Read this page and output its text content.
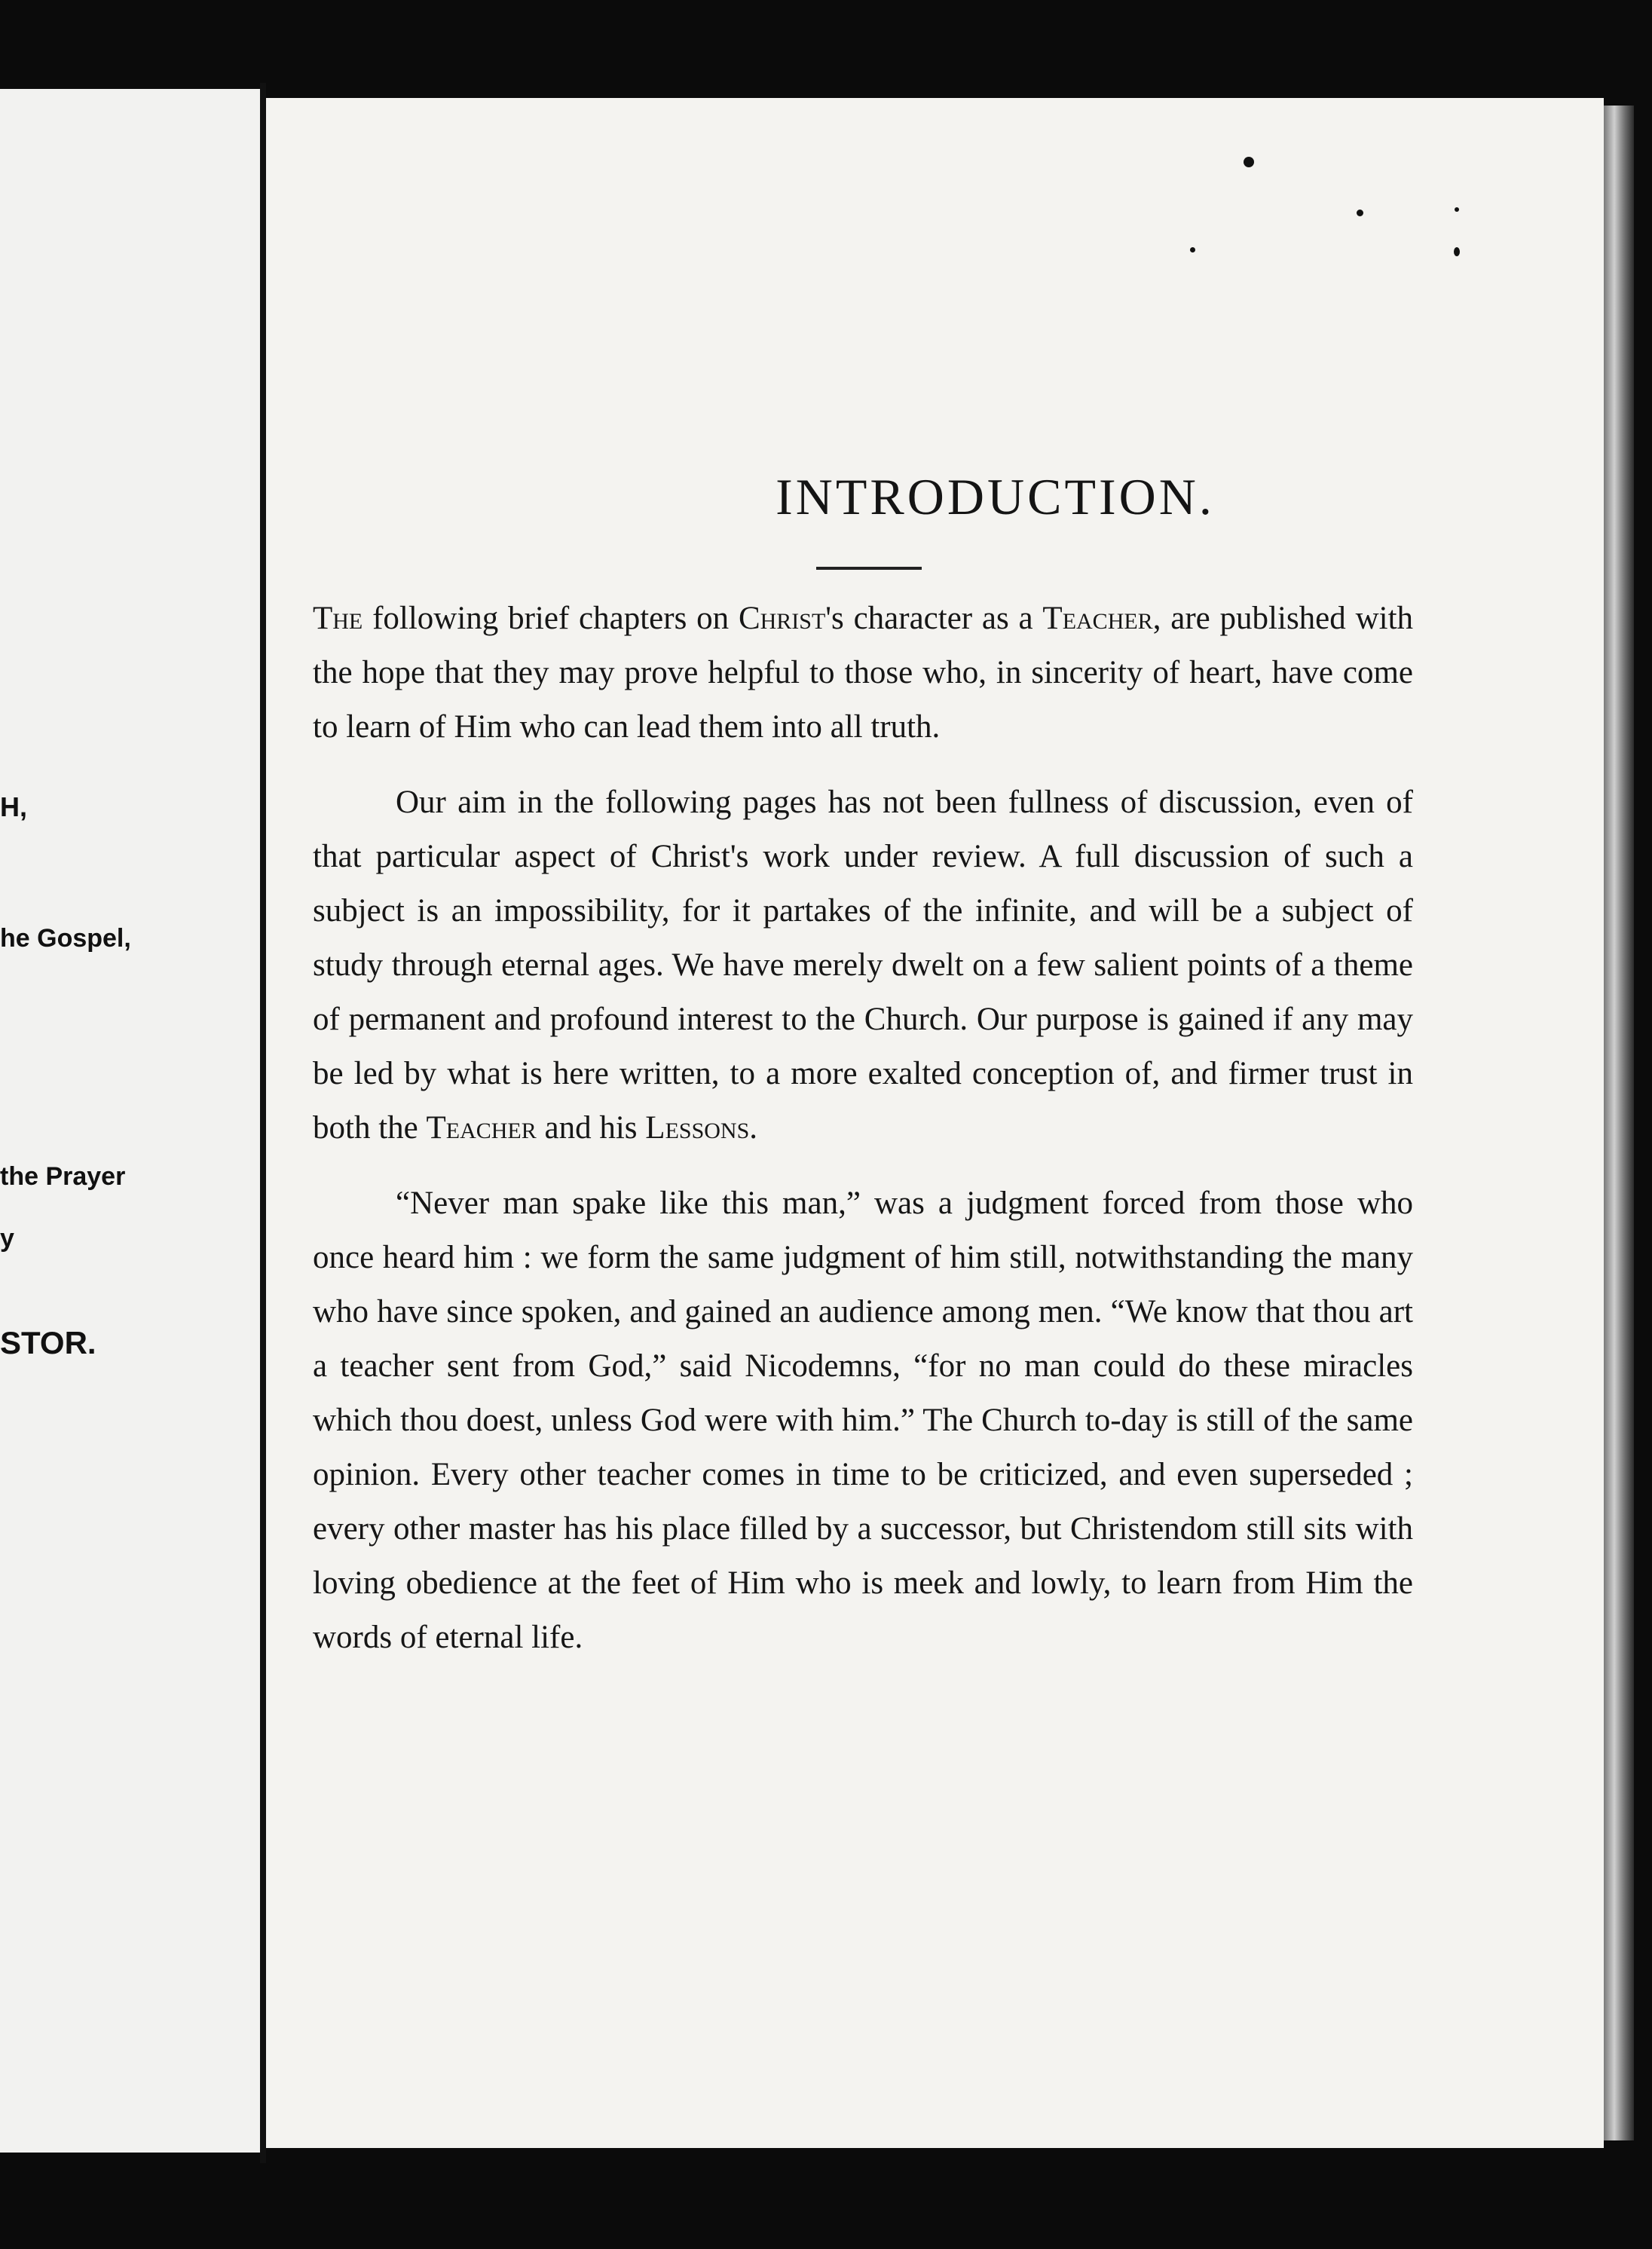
H,

he Gospel,

the Prayer

y

STOR.

INTRODUCTION.

The following brief chapters on Christ's character as a Teacher, are published with the hope that they may prove helpful to those who, in sincerity of heart, have come to learn of Him who can lead them into all truth.

Our aim in the following pages has not been fullness of discussion, even of that particular aspect of Christ's work under review. A full discussion of such a subject is an impossibility, for it partakes of the infinite, and will be a subject of study through eternal ages. We have merely dwelt on a few salient points of a theme of permanent and profound interest to the Church. Our purpose is gained if any may be led by what is here written, to a more exalted conception of, and firmer trust in both the Teacher and his Lessons.

“Never man spake like this man,” was a judgment forced from those who once heard him : we form the same judgment of him still, notwithstanding the many who have since spoken, and gained an audience among men. “We know that thou art a teacher sent from God,” said Nicodemns, “for no man could do these miracles which thou doest, unless God were with him.” The Church to-day is still of the same opinion. Every other teacher comes in time to be criticized, and even superseded ; every other master has his place filled by a successor, but Christendom still sits with loving obedience at the feet of Him who is meek and lowly, to learn from Him the words of eternal life.
